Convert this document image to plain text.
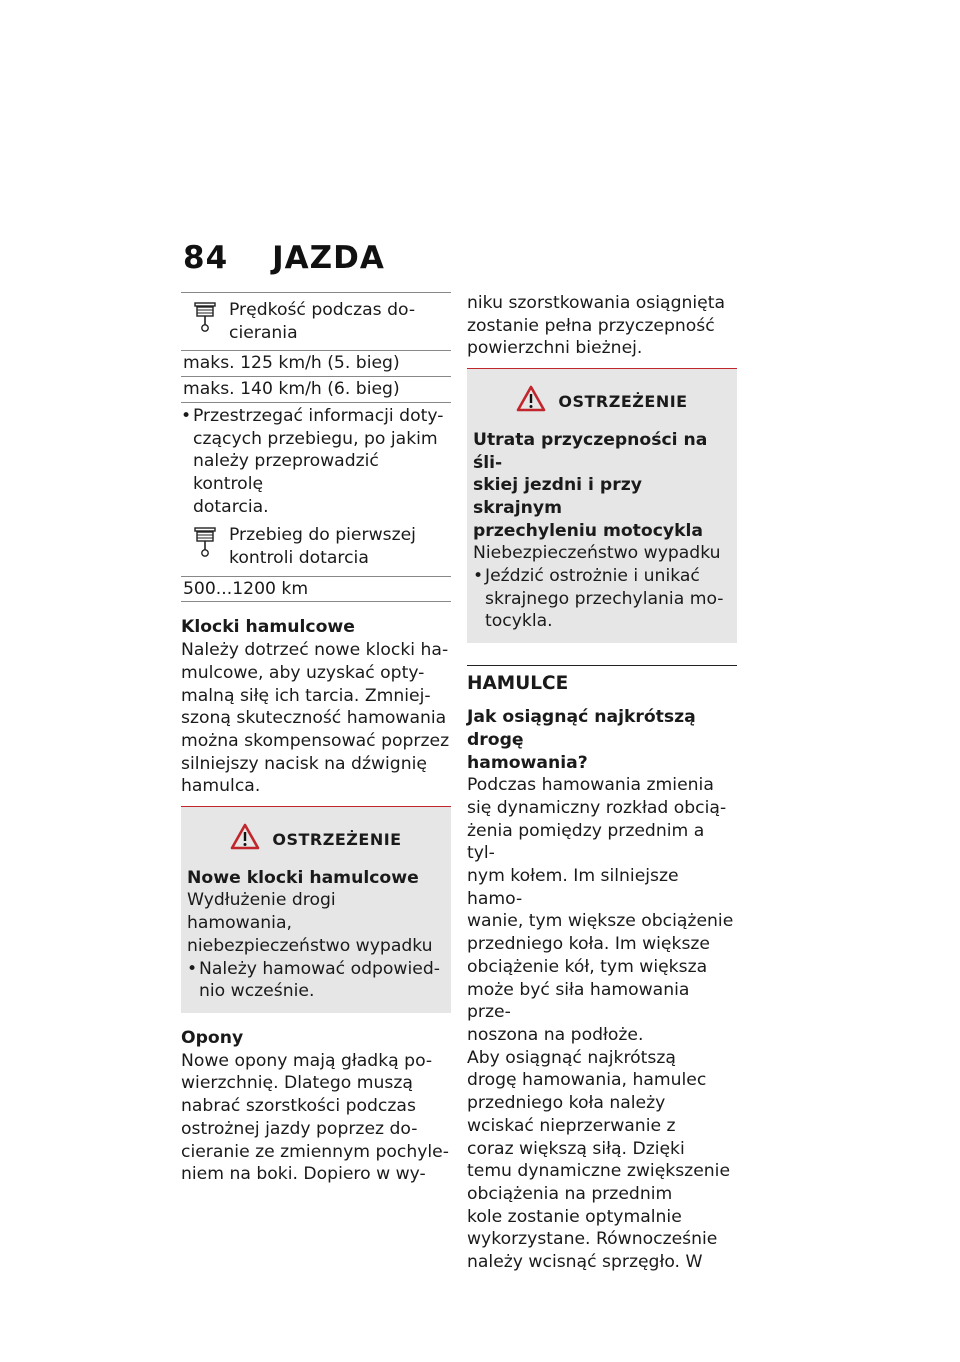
84 JAZDA
Prędkość podczas do-
cierania
maks. 125 km/h (5. bieg)
maks. 140 km/h (6. bieg)
• Przestrzegać informacji doty-
czących przebiegu, po jakim
należy przeprowadzić kontrolę
dotarcia.
Przebieg do pierwszej
kontroli dotarcia
500...1200 km

Klocki hamulcowe

Należy dotrzeć nowe klocki ha-
mulcowe, aby uzyskać opty-
malną siłę ich tarcia. Zmniej-
szoną skuteczność hamowania
można skompensować poprzez
silniejszy nacisk na dźwignię
hamulca.

OSTRZEŻENIE

Nowe klocki hamulcowe

Wydłużenie drogi hamowania,
niebezpieczeństwo wypadku

• Należy hamować odpowied-
nio wcześnie.

Opony

Nowe opony mają gładką po-
wierzchnię. Dlatego muszą
nabrać szorstkości podczas
ostrożnej jazdy poprzez do-
cieranie ze zmiennym pochyle-
niem na boki. Dopiero w wy-

niku szorstkowania osiągnięta
zostanie pełna przyczepność
powierzchni bieżnej.

OSTRZEŻENIE

Utrata przyczepności na śli-
skiej jezdni i przy skrajnym
przechyleniu motocykla

Niebezpieczeństwo wypadku

• Jeździć ostrożnie i unikać
skrajnego przechylania mo-
tocykla.

HAMULCE

Jak osiągnąć najkrótszą drogę
hamowania?

Podczas hamowania zmienia
się dynamiczny rozkład obcią-
żenia pomiędzy przednim a tyl-
nym kołem. Im silniejsze hamo-
wanie, tym większe obciążenie
przedniego koła. Im większe
obciążenie kół, tym większa
może być siła hamowania prze-
noszona na podłoże.

Aby osiągnąć najkrótszą
drogę hamowania, hamulec
przedniego koła należy
wciskać nieprzerwanie z
coraz większą siłą. Dzięki
temu dynamiczne zwiększenie
obciążenia na przednim
kole zostanie optymalnie
wykorzystane. Równocześnie
należy wcisnąć sprzęgło. W
